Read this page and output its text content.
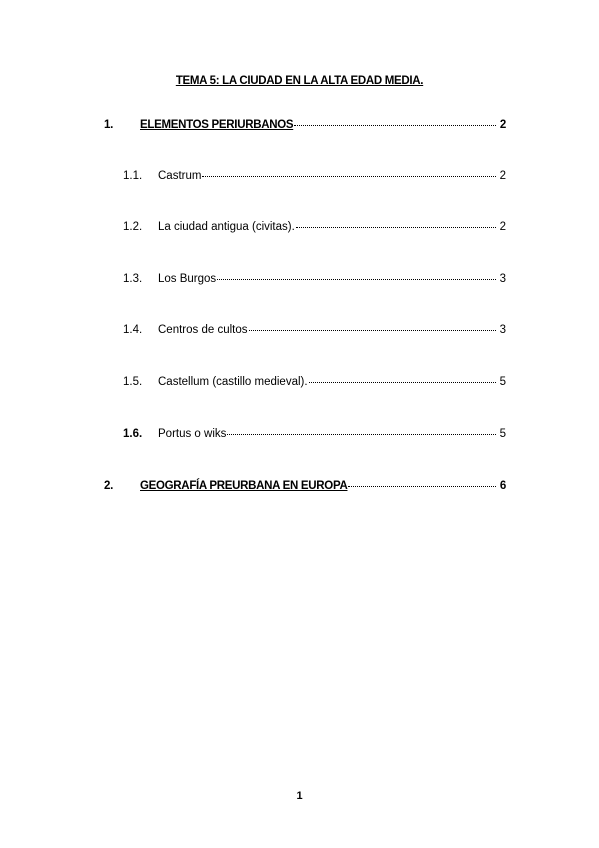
TEMA 5: LA CIUDAD EN LA ALTA EDAD MEDIA.
1.	ELEMENTOS PERIURBANOS	2
1.1.	Castrum	2
1.2.	La ciudad antigua (civitas).	2
1.3.	Los Burgos	3
1.4.	Centros de cultos	3
1.5.	Castellum (castillo medieval).	5
1.6.	Portus o wiks	5
2.	GEOGRAFÍA PREURBANA EN EUROPA	6
1
